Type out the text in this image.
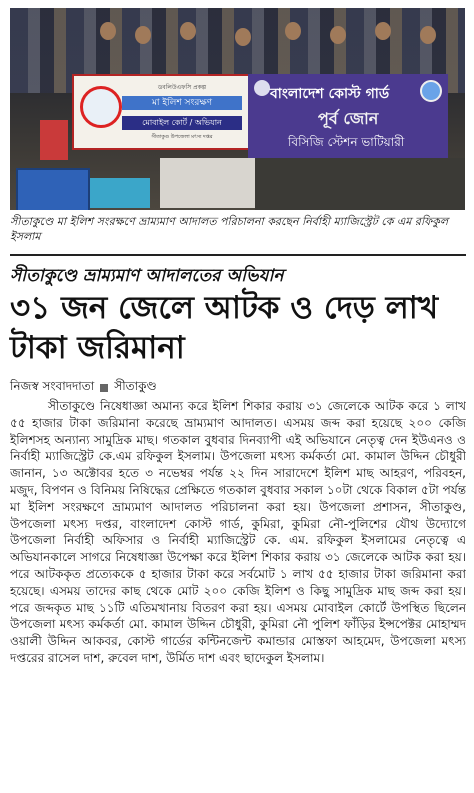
ডবলিউএফসি প্রকল্প
মা ইলিশ সংরক্ষণ
মোবাইল কোর্ট / অভিযান
সীতাকুণ্ড উপজেলা মৎস্য দপ্তর
বাংলাদেশ কোস্ট গার্ড
পূর্ব জোন
বিসিজি স্টেশন ভাটিয়ারী
সীতাকুণ্ডে মা ইলিশ সংরক্ষণে ভ্রাম্যমাণ আদালত পরিচালনা করছেন নির্বাহী ম্যাজিস্ট্রেট কে এম রফিকুল ইসলাম
সীতাকুণ্ডে ভ্রাম্যমাণ আদালতের অভিযান
৩১ জন জেলে আটক ও দেড় লাখ টাকা জরিমানা
নিজস্ব সংবাদদাতা সীতাকুণ্ড
সীতাকুণ্ডে নিষেধাজ্ঞা অমান্য করে ইলিশ শিকার করায় ৩১ জেলেকে আটক করে ১ লাখ ৫৫ হাজার টাকা জরিমানা করেছে ভ্রাম্যমাণ আদালত। এসময় জব্দ করা হয়েছে ২০০ কেজি ইলিশসহ অন্যান্য সামুদ্রিক মাছ। গতকাল বুধবার দিনব্যাপী এই অভিযানে নেতৃত্ব দেন ইউএনও ও নির্বাহী ম্যাজিস্ট্রেট কে.এম রফিকুল ইসলাম। উপজেলা মৎস্য কর্মকর্তা মো. কামাল উদ্দিন চৌধুরী জানান, ১৩ অক্টোবর হতে ৩ নভেম্বর পর্যন্ত ২২ দিন সারাদেশে ইলিশ মাছ আহরণ, পরিবহন, মজুদ, বিপণন ও বিনিময় নিষিদ্ধের প্রেক্ষিতে গতকাল বুধবার সকাল ১০টা থেকে বিকাল ৫টা পর্যন্ত মা ইলিশ সংরক্ষণে ভ্রাম্যমাণ আদালত পরিচালনা করা হয়। উপজেলা প্রশাসন, সীতাকুণ্ড, উপজেলা মৎস্য দপ্তর, বাংলাদেশ কোস্ট গার্ড, কুমিরা, কুমিরা নৌ-পুলিশের যৌথ উদ্যোগে উপজেলা নির্বাহী অফিসার ও নির্বাহী ম্যাজিস্ট্রেট কে. এম. রফিকুল ইসলামের নেতৃত্বে এ অভিযানকালে সাগরে নিষেধাজ্ঞা উপেক্ষা করে ইলিশ শিকার করায় ৩১ জেলেকে আটক করা হয়। পরে আটককৃত প্রত্যেককে ৫ হাজার টাকা করে সর্বমোট ১ লাখ ৫৫ হাজার টাকা জরিমানা করা হয়েছে। এসময় তাদের কাছ থেকে মোট ২০০ কেজি ইলিশ ও কিছু সামুদ্রিক মাছ জব্দ করা হয়। পরে জব্দকৃত মাছ ১১টি এতিমখানায় বিতরণ করা হয়। এসময় মোবাইল কোর্টে উপস্থিত ছিলেন উপজেলা মৎস্য কর্মকর্তা মো. কামাল উদ্দিন চৌধুরী, কুমিরা নৌ পুলিশ ফাঁড়ির ইন্সপেক্টর মোহাম্মদ ওয়ালী উদ্দিন আকবর, কোস্ট গার্ডের কন্টিনজেন্ট কমান্ডার মোস্তফা আহমেদ, উপজেলা মৎস্য দপ্তরের রাসেল দাশ, রুবেল দাশ, উর্মিত দাশ এবং ছাদেকুল ইসলাম।
